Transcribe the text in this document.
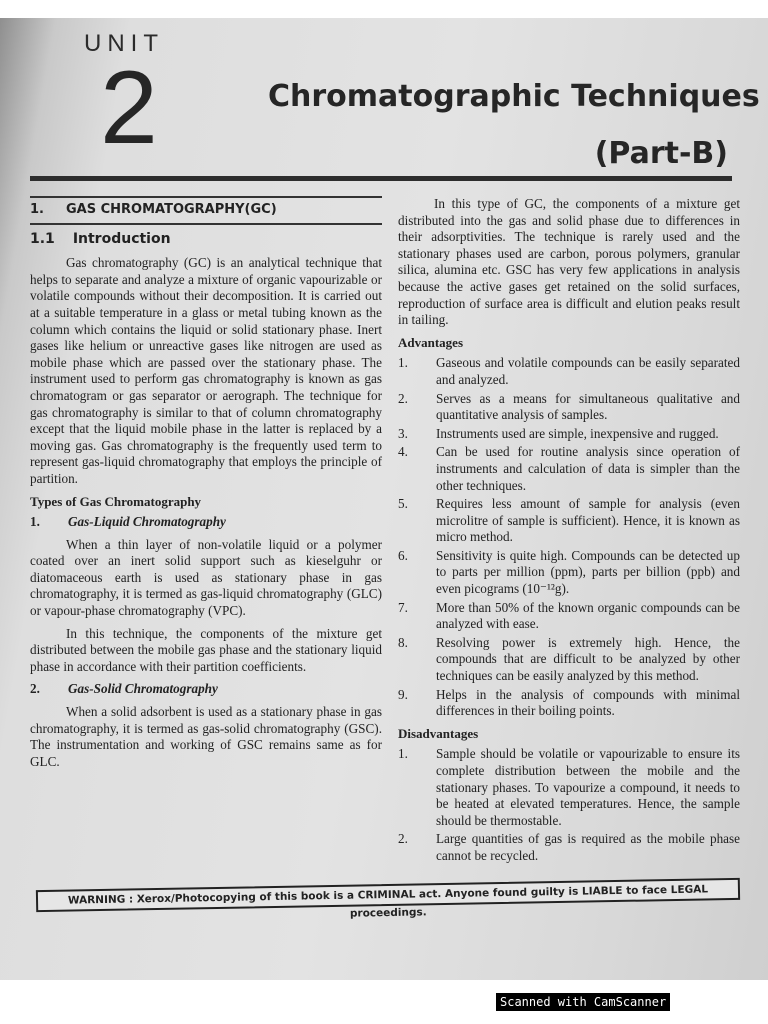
UNIT
2	Chromatographic Techniques
(Part-B)
1. GAS CHROMATOGRAPHY(GC)
1.1 Introduction

Gas chromatography (GC) is an analytical technique that helps to separate and analyze a mixture of organic vapourizable or volatile compounds without their decomposition. It is carried out at a suitable temperature in a glass or metal tubing known as the column which contains the liquid or solid stationary phase. Inert gases like helium or unreactive gases like nitrogen are used as mobile phase which are passed over the stationary phase. The instrument used to perform gas chromatography is known as gas chromatogram or gas separator or aerograph. The technique for gas chromatography is similar to that of column chromatography except that the liquid mobile phase in the latter is replaced by a moving gas. Gas chromatography is the frequently used term to represent gas-liquid chromatography that employs the principle of partition.

Types of Gas Chromatography
1.	Gas-Liquid Chromatography

When a thin layer of non-volatile liquid or a polymer coated over an inert solid support such as kieselguhr or diatomaceous earth is used as stationary phase in gas chromatography, it is termed as gas-liquid chromatography (GLC) or vapour-phase chromatography (VPC).

In this technique, the components of the mixture get distributed between the mobile gas phase and the stationary liquid phase in accordance with their partition coefficients.

2.	Gas-Solid Chromatography

When a solid adsorbent is used as a stationary phase in gas chromatography, it is termed as gas-solid chromatography (GSC). The instrumentation and working of GSC remains same as for GLC.

In this type of GC, the components of a mixture get distributed into the gas and solid phase due to differences in their adsorptivities. The technique is rarely used and the stationary phases used are carbon, porous polymers, granular silica, alumina etc. GSC has very few applications in analysis because the active gases get retained on the solid surfaces, reproduction of surface area is difficult and elution peaks result in tailing.

Advantages
1.	Gaseous and volatile compounds can be easily separated and analyzed.
2.	Serves as a means for simultaneous qualitative and quantitative analysis of samples.
3.	Instruments used are simple, inexpensive and rugged.
4.	Can be used for routine analysis since operation of instruments and calculation of data is simpler than the other techniques.
5.	Requires less amount of sample for analysis (even microlitre of sample is sufficient). Hence, it is known as micro method.
6.	Sensitivity is quite high. Compounds can be detected up to parts per million (ppm), parts per billion (ppb) and even picograms (10⁻¹²g).
7.	More than 50% of the known organic compounds can be analyzed with ease.
8.	Resolving power is extremely high. Hence, the compounds that are difficult to be analyzed by other techniques can be easily analyzed by this method.
9.	Helps in the analysis of compounds with minimal differences in their boiling points.
Disadvantages
1.	Sample should be volatile or vapourizable to ensure its complete distribution between the mobile and the stationary phases. To vapourize a compound, it needs to be heated at elevated temperatures. Hence, the sample should be thermostable.
2.	Large quantities of gas is required as the mobile phase cannot be recycled.
WARNING : Xerox/Photocopying of this book is a CRIMINAL act. Anyone found guilty is LIABLE to face LEGAL proceedings.
Scanned with CamScanner
